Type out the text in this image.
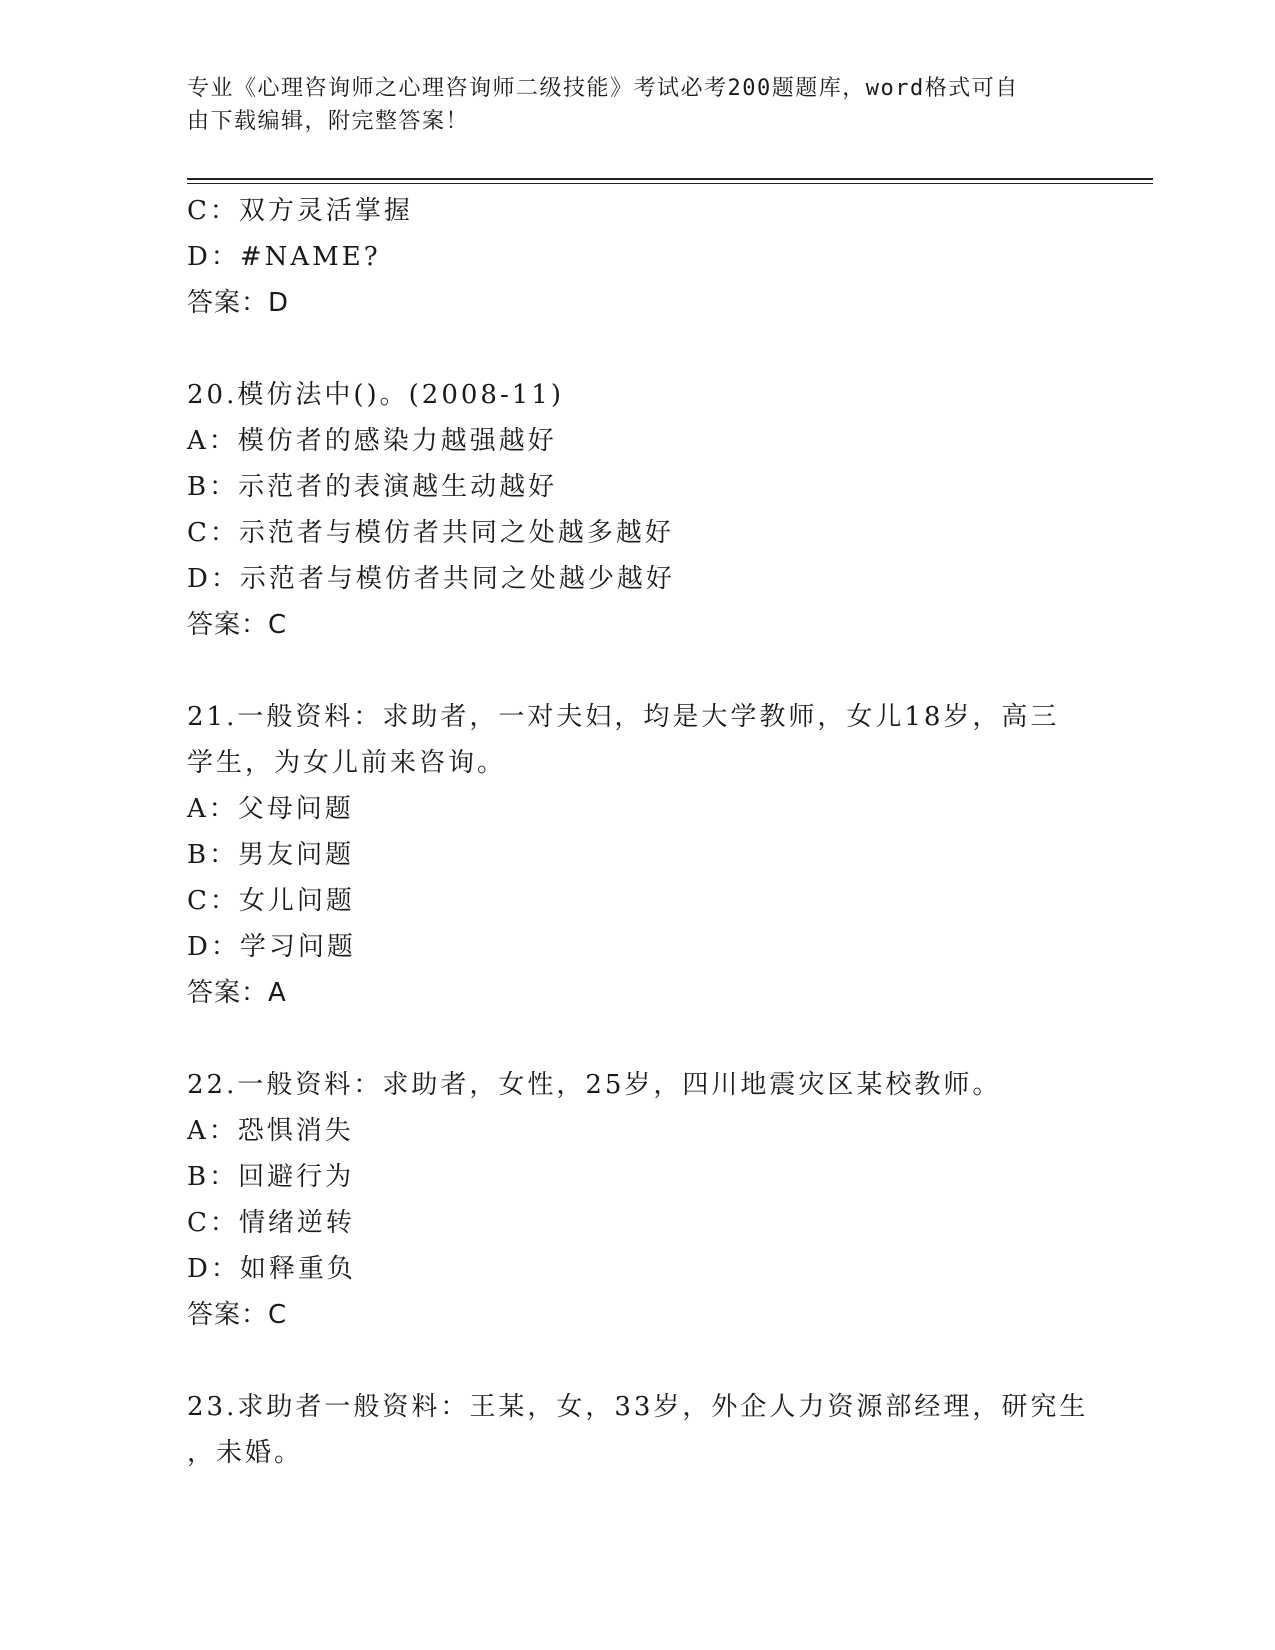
专业《心理咨询师之心理咨询师二级技能》考试必考200题题库，word格式可自
由下载编辑，附完整答案！
C：双方灵活掌握
D：#NAME?
答案：D
20.模仿法中()。(2008-11)
A：模仿者的感染力越强越好
B：示范者的表演越生动越好
C：示范者与模仿者共同之处越多越好
D：示范者与模仿者共同之处越少越好
答案：C
21.一般资料：求助者，一对夫妇，均是大学教师，女儿18岁，高三
学生，为女儿前来咨询。
A：父母问题
B：男友问题
C：女儿问题
D：学习问题
答案：A
22.一般资料：求助者，女性，25岁，四川地震灾区某校教师。
A：恐惧消失
B：回避行为
C：情绪逆转
D：如释重负
答案：C
23.求助者一般资料：王某，女，33岁，外企人力资源部经理，研究生
，未婚。
